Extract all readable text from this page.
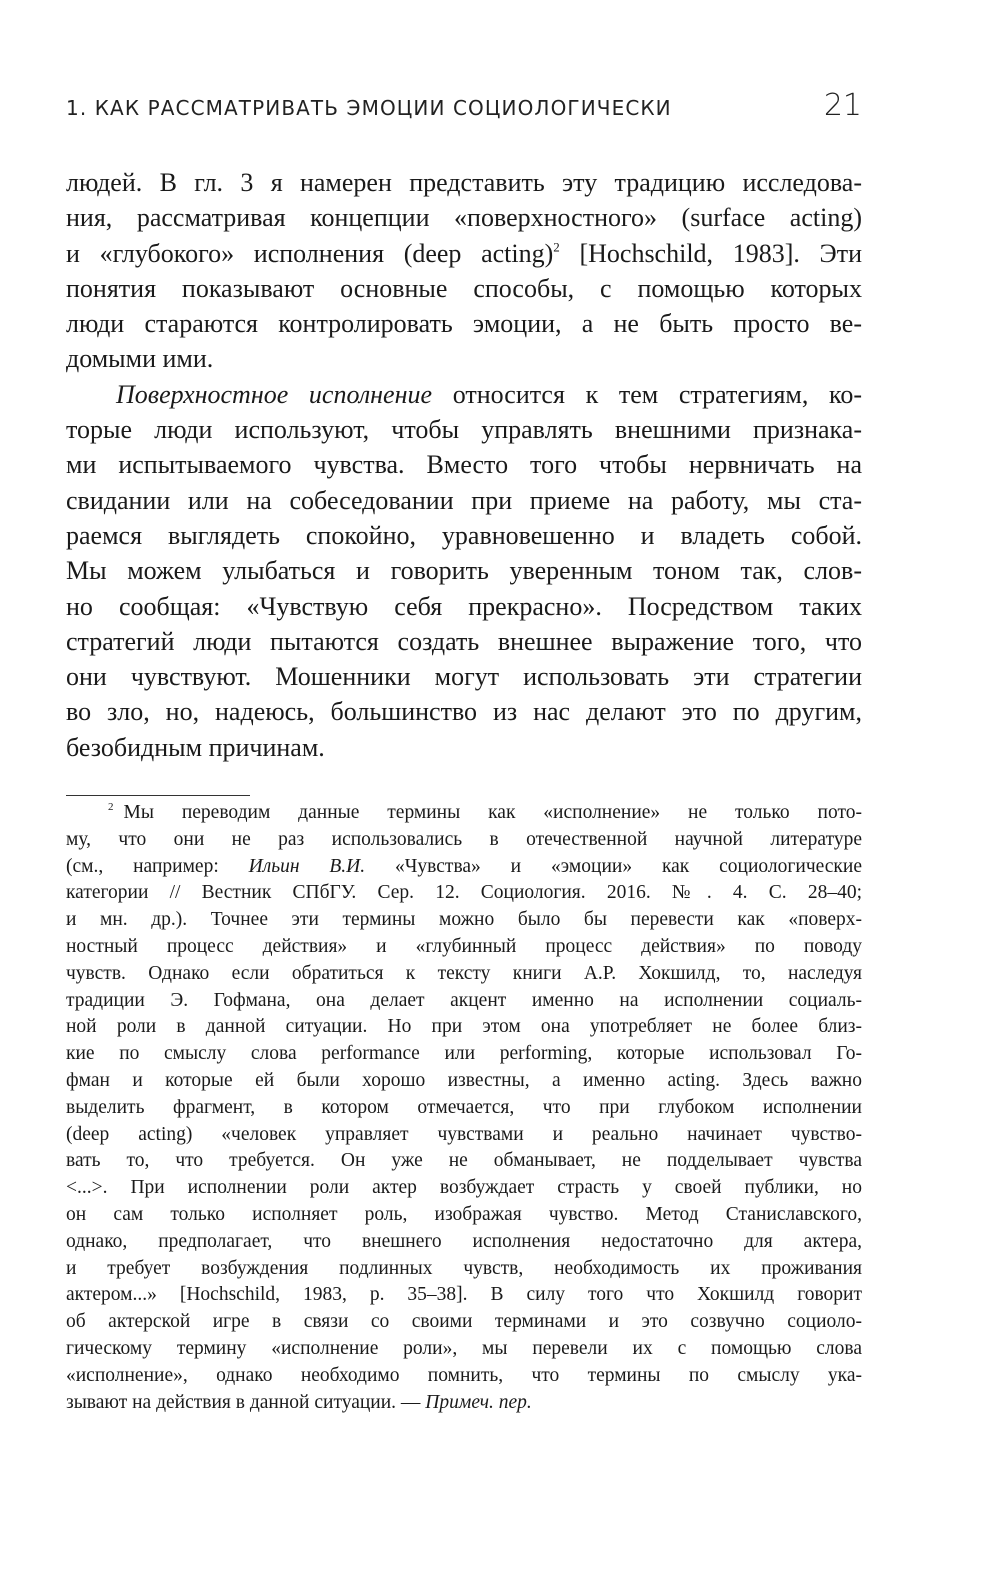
1. КАК РАССМАТРИВАТЬ ЭМОЦИИ СОЦИОЛОГИЧЕСКИ	21
людей. В гл. 3 я намерен представить эту традицию исследова-
ния, рассматривая концепции «поверхностного» (surface acting)
и «глубокого» исполнения (deep acting)$^2$ [Hochschild, 1983]. Эти
понятия показывают основные способы, с помощью которых
люди стараются контролировать эмоции, а не быть просто ве-
домыми ими.
Поверхностное исполнение относится к тем стратегиям, ко-
торые люди используют, чтобы управлять внешними признака-
ми испытываемого чувства. Вместо того чтобы нервничать на
свидании или на собеседовании при приеме на работу, мы ста-
раемся выглядеть спокойно, уравновешенно и владеть собой.
Мы можем улыбаться и говорить уверенным тоном так, слов-
но сообщая: «Чувствую себя прекрасно». Посредством таких
стратегий люди пытаются создать внешнее выражение того, что
они чувствуют. Мошенники могут использовать эти стратегии
во зло, но, надеюсь, большинство из нас делают это по другим,
безобидным причинам.
$^2$ Мы переводим данные термины как «исполнение» не только пото-
му, что они не раз использовались в отечественной научной литературе
(см., например: Ильин В.И. «Чувства» и «эмоции» как социологические
категории // Вестник СПбГУ. Сер. 12. Социология. 2016. №. 4. С. 28–40;
и мн. др.). Точнее эти термины можно было бы перевести как «поверх-
ностный процесс действия» и «глубинный процесс действия» по поводу
чувств. Однако если обратиться к тексту книги А.Р. Хокшилд, то, наследуя
традиции Э. Гофмана, она делает акцент именно на исполнении социаль-
ной роли в данной ситуации. Но при этом она употребляет не более близ-
кие по смыслу слова performance или performing, которые использовал Го-
фман и которые ей были хорошо известны, а именно acting. Здесь важно
выделить фрагмент, в котором отмечается, что при глубоком исполнении
(deep acting) «человек управляет чувствами и реально начинает чувство-
вать то, что требуется. Он уже не обманывает, не подделывает чувства
<...>. При исполнении роли актер возбуждает страсть у своей публики, но
он сам только исполняет роль, изображая чувство. Метод Станиславского,
однако, предполагает, что внешнего исполнения недостаточно для актера,
и требует возбуждения подлинных чувств, необходимость их проживания
актером...» [Hochschild, 1983, p. 35–38]. В силу того что Хокшилд говорит
об актерской игре в связи со своими терминами и это созвучно социоло-
гическому термину «исполнение роли», мы перевели их с помощью слова
«исполнение», однако необходимо помнить, что термины по смыслу ука-
зывают на действия в данной ситуации. — Примеч. пер.
